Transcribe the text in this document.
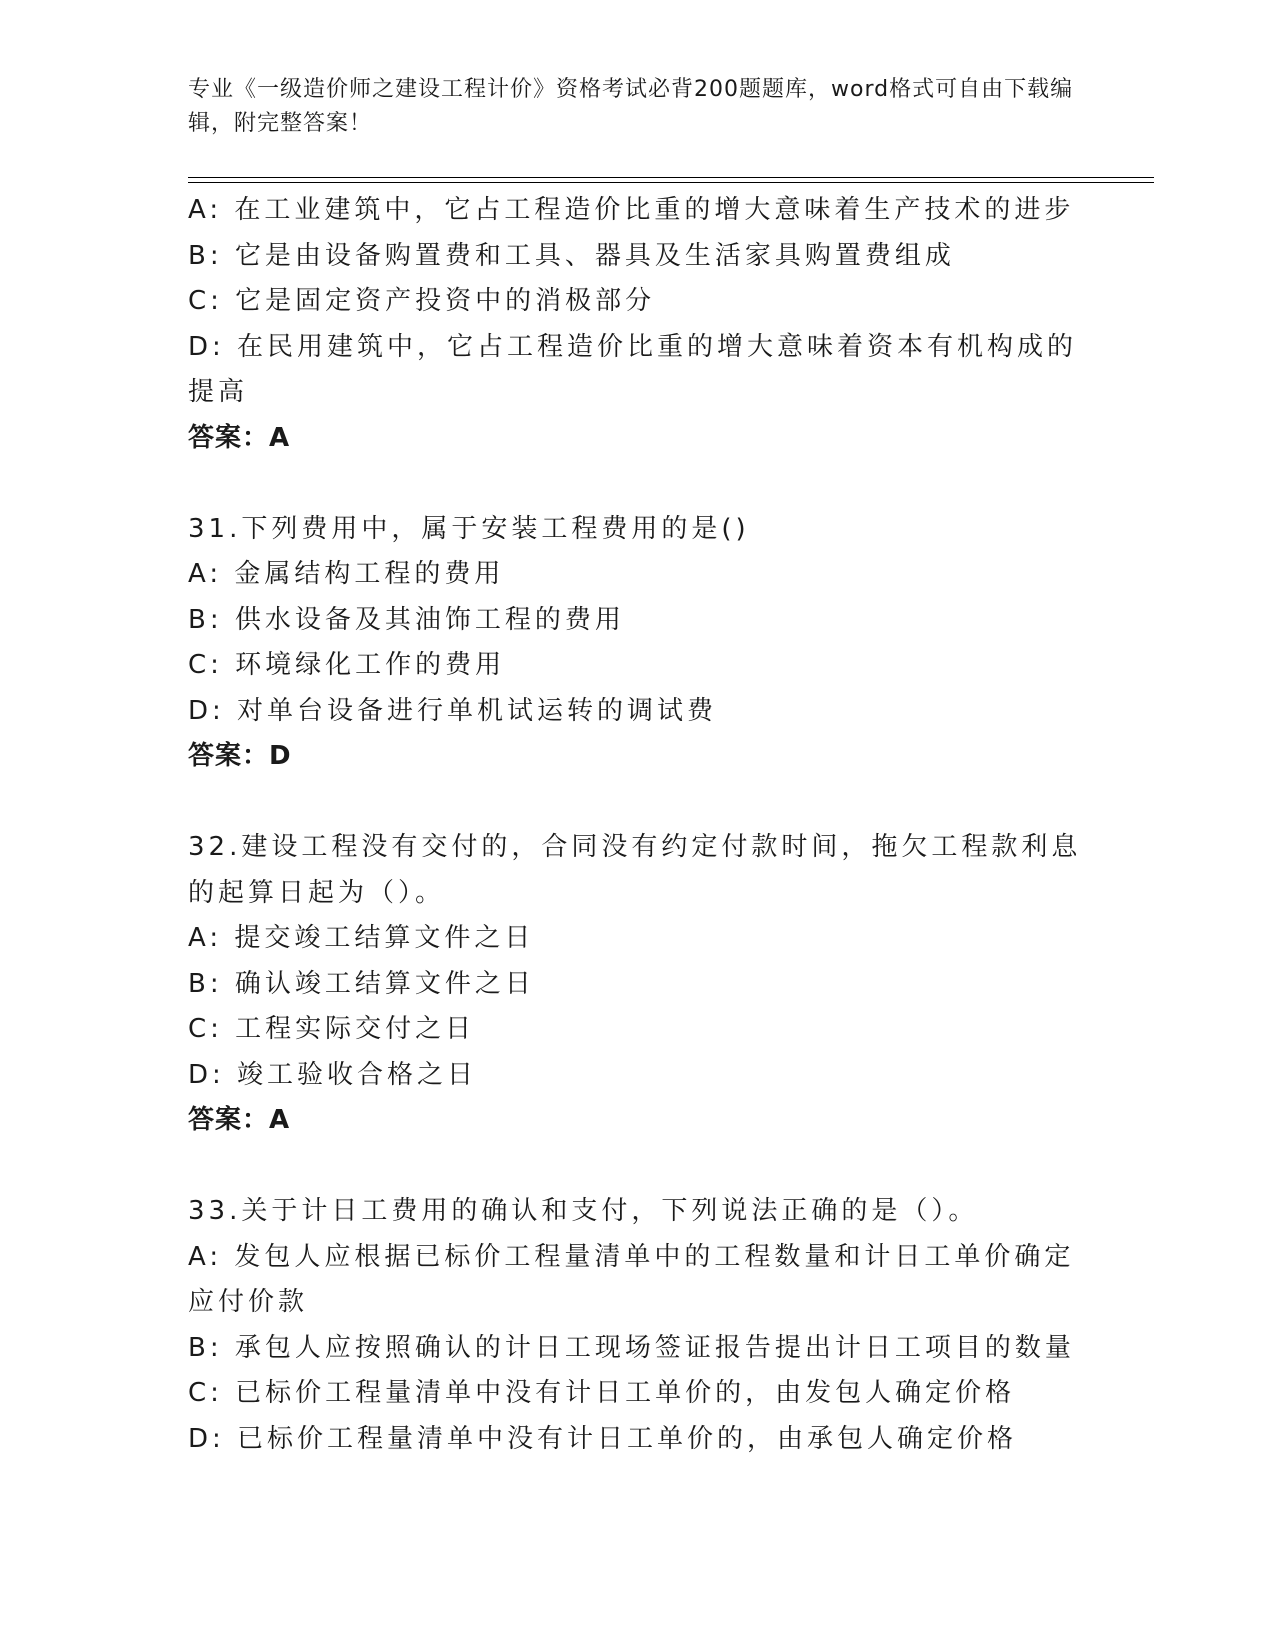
专业《一级造价师之建设工程计价》资格考试必背200题题库，word格式可自由下载编辑，附完整答案！

A: 在工业建筑中，它占工程造价比重的增大意味着生产技术的进步

B: 它是由设备购置费和工具、器具及生活家具购置费组成

C: 它是固定资产投资中的消极部分

D: 在民用建筑中，它占工程造价比重的增大意味着资本有机构成的提高

答案：A

31.下列费用中，属于安装工程费用的是()

A: 金属结构工程的费用

B: 供水设备及其油饰工程的费用

C: 环境绿化工作的费用

D: 对单台设备进行单机试运转的调试费

答案：D

32.建设工程没有交付的，合同没有约定付款时间，拖欠工程款利息的起算日起为（）。

A: 提交竣工结算文件之日

B: 确认竣工结算文件之日

C: 工程实际交付之日

D: 竣工验收合格之日

答案：A

33.关于计日工费用的确认和支付，下列说法正确的是（）。

A: 发包人应根据已标价工程量清单中的工程数量和计日工单价确定应付价款

B: 承包人应按照确认的计日工现场签证报告提出计日工项目的数量

C: 已标价工程量清单中没有计日工单价的，由发包人确定价格

D: 已标价工程量清单中没有计日工单价的，由承包人确定价格
